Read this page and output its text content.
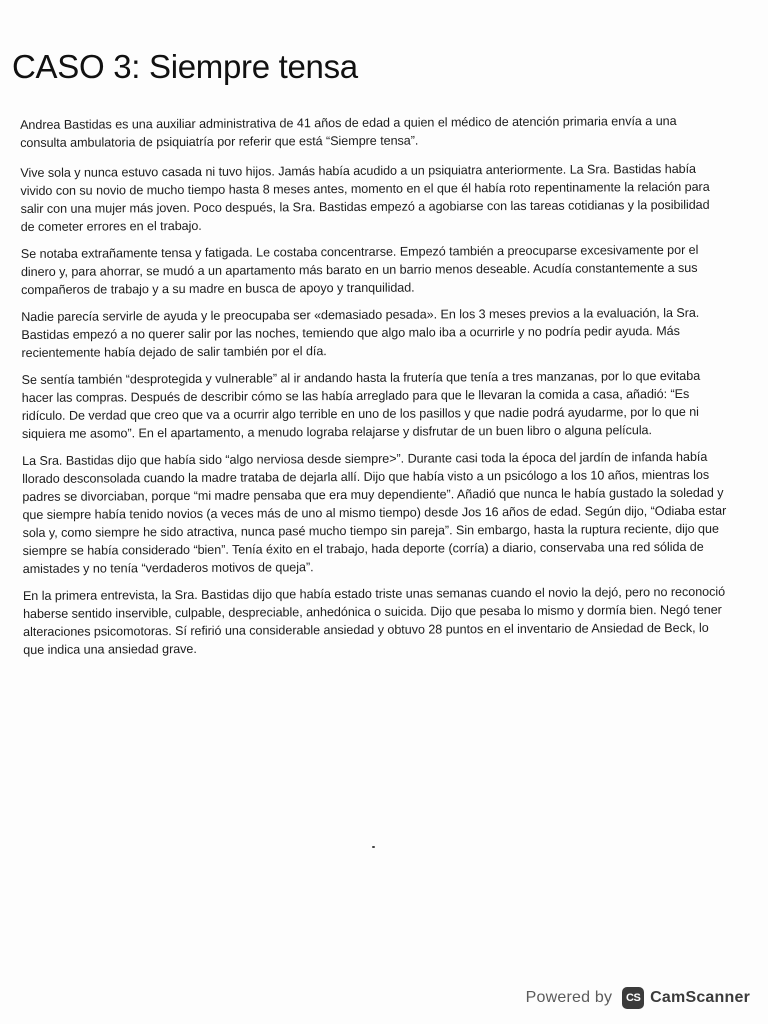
CASO 3: Siempre tensa

Andrea Bastidas es una auxiliar administrativa de 41 años de edad a quien el médico de atención primaria envía a una consulta ambulatoria de psiquiatría por referir que está “Siempre tensa”.

Vive sola y nunca estuvo casada ni tuvo hijos. Jamás había acudido a un psiquiatra anteriormente. La Sra. Bastidas había vivido con su novio de mucho tiempo hasta 8 meses antes, momento en el que él había roto repentinamente la relación para salir con una mujer más joven. Poco después, la Sra. Bastidas empezó a agobiarse con las tareas cotidianas y la posibilidad de cometer errores en el trabajo.

Se notaba extrañamente tensa y fatigada. Le costaba concentrarse. Empezó también a preocuparse excesivamente por el dinero y, para ahorrar, se mudó a un apartamento más barato en un barrio menos deseable. Acudía constantemente a sus compañeros de trabajo y a su madre en busca de apoyo y tranquilidad.

Nadie parecía servirle de ayuda y le preocupaba ser «demasiado pesada». En los 3 meses previos a la evaluación, la Sra. Bastidas empezó a no querer salir por las noches, temiendo que algo malo iba a ocurrirle y no podría pedir ayuda. Más recientemente había dejado de salir también por el día.

Se sentía también “desprotegida y vulnerable” al ir andando hasta la frutería que tenía a tres manzanas, por lo que evitaba hacer las compras. Después de describir cómo se las había arreglado para que le llevaran la comida a casa, añadió: “Es ridículo. De verdad que creo que va a ocurrir algo terrible en uno de los pasillos y que nadie podrá ayudarme, por lo que ni siquiera me asomo”. En el apartamento, a menudo lograba relajarse y disfrutar de un buen libro o alguna película.

La Sra. Bastidas dijo que había sido “algo nerviosa desde siempre>”. Durante casi toda la época del jardín de infanda había llorado desconsolada cuando la madre trataba de dejarla allí. Dijo que había visto a un psicólogo a los 10 años, mientras los padres se divorciaban, porque “mi madre pensaba que era muy dependiente”. Añadió que nunca le había gustado la soledad y que siempre había tenido novios (a veces más de uno al mismo tiempo) desde Jos 16 años de edad. Según dijo, “Odiaba estar sola y, como siempre he sido atractiva, nunca pasé mucho tiempo sin pareja”. Sin embargo, hasta la ruptura reciente, dijo que siempre se había considerado “bien”. Tenía éxito en el trabajo, hada deporte (corría) a diario, conservaba una red sólida de amistades y no tenía “verdaderos motivos de queja”.

En la primera entrevista, la Sra. Bastidas dijo que había estado triste unas semanas cuando el novio la dejó, pero no reconoció haberse sentido inservible, culpable, despreciable, anhedónica o suicida. Dijo que pesaba lo mismo y dormía bien. Negó tener alteraciones psicomotoras. Sí refirió una considerable ansiedad y obtuvo 28 puntos en el inventario de Ansiedad de Beck, lo que indica una ansiedad grave.

Powered by	CS CamScanner
